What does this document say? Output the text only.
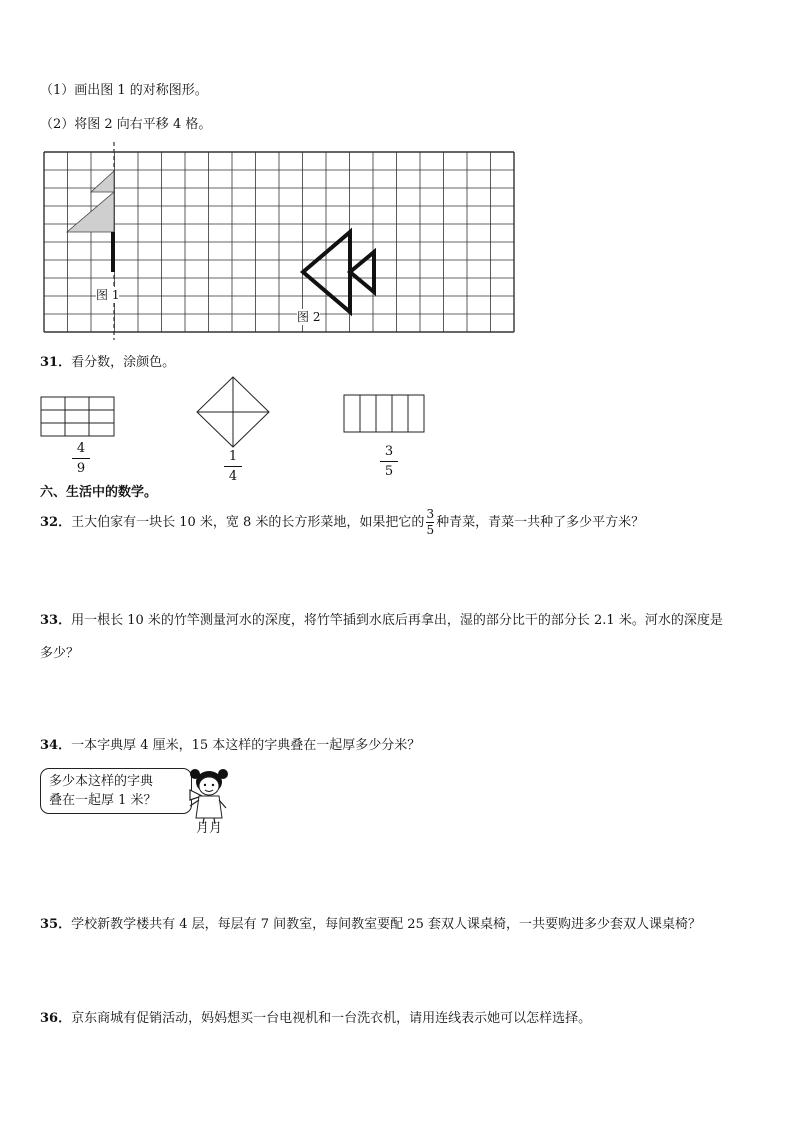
（1）画出图 1 的对称图形。
（2）将图 2 向右平移 4 格。
图 1
图 2
31．看分数，涂颜色。
4
9
1
4
3
5
六、生活中的数学。
32．王大伯家有一块长 10 米，宽 8 米的长方形菜地，如果把它的 $\frac{3}{5}$ 种青菜，青菜一共种了多少平方米？
33．用一根长 10 米的竹竿测量河水的深度，将竹竿插到水底后再拿出，湿的部分比干的部分长 2.1 米。河水的深度是
多少？
34．一本字典厚 4 厘米，15 本这样的字典叠在一起厚多少分米？
多少本这样的字典
叠在一起厚 1 米？
月月
35．学校新教学楼共有 4 层，每层有 7 间教室，每间教室要配 25 套双人课桌椅，一共要购进多少套双人课桌椅？
36．京东商城有促销活动，妈妈想买一台电视机和一台洗衣机，请用连线表示她可以怎样选择。
